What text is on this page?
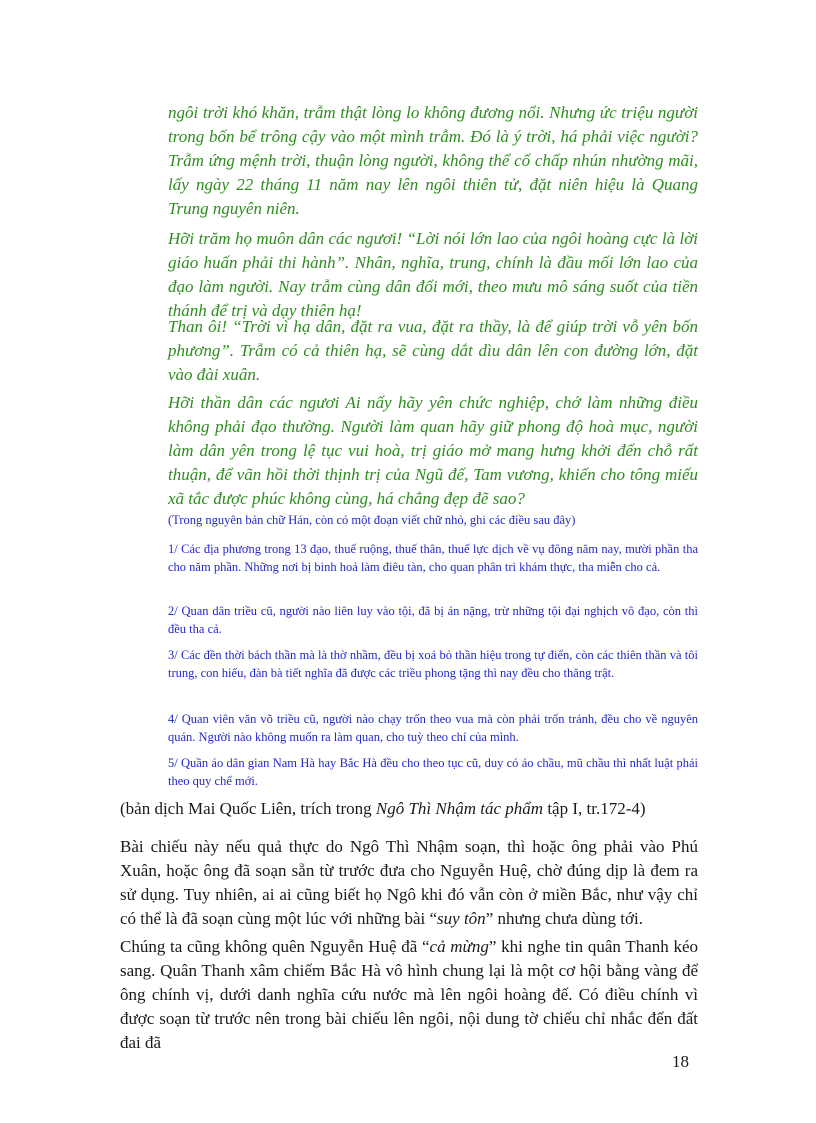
ngôi trời khó khăn, trẫm thật lòng lo không đương nổi. Nhưng ức triệu người trong bốn bể trông cậy vào một mình trẫm. Đó là ý trời, há phải việc người? Trẫm ứng mệnh trời, thuận lòng người, không thể cố chấp nhún nhường mãi, lấy ngày 22 tháng 11 năm nay lên ngôi thiên tử, đặt niên hiệu là Quang Trung nguyên niên.

Hỡi trăm họ muôn dân các ngươi! “Lời nói lớn lao của ngôi hoàng cực là lời giáo huấn phải thi hành”. Nhân, nghĩa, trung, chính là đầu mối lớn lao của đạo làm người. Nay trẫm cùng dân đổi mới, theo mưu mô sáng suốt của tiền thánh để trị và dạy thiên hạ!

Than ôi! “Trời vì hạ dân, đặt ra vua, đặt ra thầy, là để giúp trời vỗ yên bốn phương”. Trẫm có cả thiên hạ, sẽ cùng dắt dìu dân lên con đường lớn, đặt vào đài xuân.

Hỡi thần dân các ngươi Ai nấy hãy yên chức nghiệp, chớ làm những điều không phải đạo thường. Người làm quan hãy giữ phong độ hoà mục, người làm dân yên trong lệ tục vui hoà, trị giáo mở mang hưng khởi đến chỗ rất thuận, để vãn hồi thời thịnh trị của Ngũ đế, Tam vương, khiến cho tông miếu xã tắc được phúc không cùng, há chẳng đẹp đẽ sao?

(Trong nguyên bản chữ Hán, còn có một đoạn viết chữ nhỏ, ghi các điều sau đây)

1/ Các địa phương trong 13 đạo, thuế ruộng, thuế thân, thuế lực dịch về vụ đông năm nay, mười phần tha cho năm phần. Những nơi bị binh hoả làm điêu tàn, cho quan phân tri khám thực, tha miễn cho cả.

2/ Quan dân triều cũ, người nào liên luy vào tội, đã bị án nặng, trừ những tội đại nghịch vô đạo, còn thì đều tha cả.

3/ Các đền thời bách thần mà là thờ nhầm, đều bị xoá bỏ thần hiệu trong tự điển, còn các thiên thần và tôi trung, con hiếu, đàn bà tiết nghĩa đã được các triều phong tặng thì nay đều cho thăng trật.

4/ Quan viên văn võ triều cũ, người nào chạy trốn theo vua mà còn phải trốn tránh, đều cho về nguyên quán. Người nào không muốn ra làm quan, cho tuỳ theo chí của mình.

5/ Quần áo dân gian Nam Hà hay Bắc Hà đều cho theo tục cũ, duy có áo chầu, mũ chầu thì nhất luật phải theo quy chế mới.

(bản dịch Mai Quốc Liên, trích trong Ngô Thì Nhậm tác phẩm tập I, tr.172-4)

Bài chiếu này nếu quả thực do Ngô Thì Nhậm soạn, thì hoặc ông phải vào Phú Xuân, hoặc ông đã soạn sẵn từ trước đưa cho Nguyễn Huệ, chờ đúng dịp là đem ra sử dụng. Tuy nhiên, ai ai cũng biết họ Ngô khi đó vẫn còn ở miền Bắc, như vậy chỉ có thể là đã soạn cùng một lúc với những bài “suy tôn” nhưng chưa dùng tới.

Chúng ta cũng không quên Nguyễn Huệ đã “cả mừng” khi nghe tin quân Thanh kéo sang. Quân Thanh xâm chiếm Bắc Hà vô hình chung lại là một cơ hội bằng vàng để ông chính vị, dưới danh nghĩa cứu nước mà lên ngôi hoàng đế. Có điều chính vì được soạn từ trước nên trong bài chiếu lên ngôi, nội dung tờ chiếu chỉ nhắc đến đất đai đã

18
